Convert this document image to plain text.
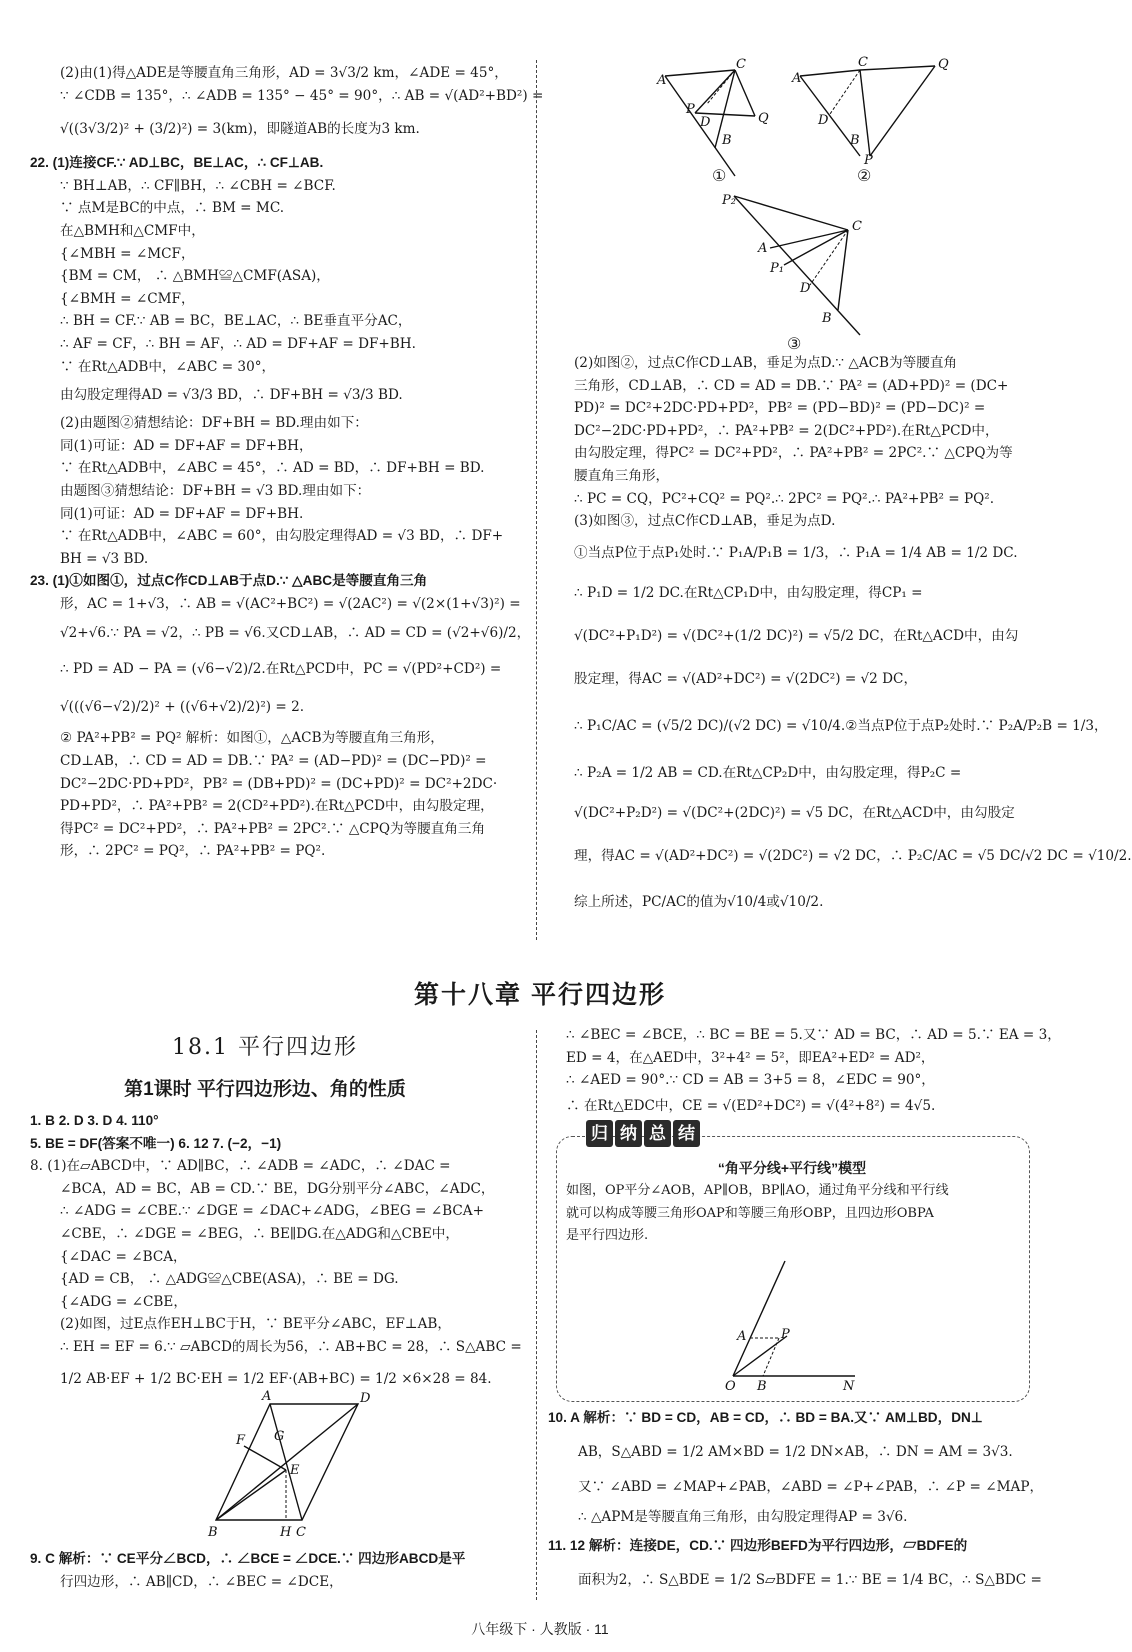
(2)由(1)得△ADE是等腰直角三角形，AD = 3√3/2 km，∠ADE = 45°，
∵ ∠CDB = 135°，∴ ∠ADB = 135° − 45° = 90°，∴ AB = √(AD²+BD²) =
√((3√3/2)² + (3/2)²) = 3(km)，即隧道AB的长度为3 km.
22. (1)连接CF.∵ AD⊥BC，BE⊥AC，∴ CF⊥AB.
∵ BH⊥AB，∴ CF∥BH，∴ ∠CBH = ∠BCF.
∵ 点M是BC的中点，∴ BM = MC.
在△BMH和△CMF中，
{∠MBH = ∠MCF，
{BM = CM， ∴ △BMH≌△CMF(ASA)，
{∠BMH = ∠CMF，
∴ BH = CF.∵ AB = BC，BE⊥AC，∴ BE垂直平分AC，
∴ AF = CF，∴ BH = AF，∴ AD = DF+AF = DF+BH.
∵ 在Rt△ADB中，∠ABC = 30°，
由勾股定理得AD = √3/3 BD，∴ DF+BH = √3/3 BD.
(2)由题图②猜想结论：DF+BH = BD.理由如下：
同(1)可证：AD = DF+AF = DF+BH，
∵ 在Rt△ADB中，∠ABC = 45°，∴ AD = BD，∴ DF+BH = BD.
由题图③猜想结论：DF+BH = √3 BD.理由如下：
同(1)可证：AD = DF+AF = DF+BH.
∵ 在Rt△ADB中，∠ABC = 60°，由勾股定理得AD = √3 BD，∴ DF+
BH = √3 BD.
23. (1)①如图①，过点C作CD⊥AB于点D.∵ △ABC是等腰直角三角
形，AC = 1+√3，∴ AB = √(AC²+BC²) = √(2AC²) = √(2×(1+√3)²) =
√2+√6.∵ PA = √2，∴ PB = √6.又CD⊥AB，∴ AD = CD = (√2+√6)/2，
∴ PD = AD − PA = (√6−√2)/2.在Rt△PCD中，PC = √(PD²+CD²) =
√(((√6−√2)/2)² + ((√6+√2)/2)²) = 2.
② PA²+PB² = PQ² 解析：如图①，△ACB为等腰直角三角形，
CD⊥AB，∴ CD = AD = DB.∵ PA² = (AD−PD)² = (DC−PD)² =
DC²−2DC·PD+PD²，PB² = (DB+PD)² = (DC+PD)² = DC²+2DC·
PD+PD²，∴ PA²+PB² = 2(CD²+PD²).在Rt△PCD中，由勾股定理，
得PC² = DC²+PD²，∴ PA²+PB² = 2PC².∵ △CPQ为等腰直角三角
形，∴ 2PC² = PQ²，∴ PA²+PB² = PQ².
A
C
P
D
B
Q
①
A
C	Q
D
B
P
②
P₂
C
A
P₁
D
B
③
(2)如图②，过点C作CD⊥AB，垂足为点D.∵ △ACB为等腰直角
三角形，CD⊥AB，∴ CD = AD = DB.∵ PA² = (AD+PD)² = (DC+
PD)² = DC²+2DC·PD+PD²，PB² = (PD−BD)² = (PD−DC)² =
DC²−2DC·PD+PD²，∴ PA²+PB² = 2(DC²+PD²).在Rt△PCD中，
由勾股定理，得PC² = DC²+PD²，∴ PA²+PB² = 2PC².∵ △CPQ为等
腰直角三角形，
∴ PC = CQ，PC²+CQ² = PQ².∴ 2PC² = PQ².∴ PA²+PB² = PQ².
(3)如图③，过点C作CD⊥AB，垂足为点D.
①当点P位于点P₁处时.∵ P₁A/P₁B = 1/3，∴ P₁A = 1/4 AB = 1/2 DC.
∴ P₁D = 1/2 DC.在Rt△CP₁D中，由勾股定理，得CP₁ =
√(DC²+P₁D²) = √(DC²+(1/2 DC)²) = √5/2 DC，在Rt△ACD中，由勾
股定理，得AC = √(AD²+DC²) = √(2DC²) = √2 DC，
∴ P₁C/AC = (√5/2 DC)/(√2 DC) = √10/4.②当点P位于点P₂处时.∵ P₂A/P₂B = 1/3，
∴ P₂A = 1/2 AB = CD.在Rt△CP₂D中，由勾股定理，得P₂C =
√(DC²+P₂D²) = √(DC²+(2DC)²) = √5 DC，在Rt△ACD中，由勾股定
理，得AC = √(AD²+DC²) = √(2DC²) = √2 DC，∴ P₂C/AC = √5 DC/√2 DC = √10/2.
综上所述，PC/AC的值为√10/4或√10/2.
第十八章 平行四边形
18.1 平行四边形
第1课时 平行四边形边、角的性质
1. B 2. D 3. D 4. 110°
5. BE = DF(答案不唯一) 6. 12 7. (−2，−1)
8. (1)在▱ABCD中，∵ AD∥BC，∴ ∠ADB = ∠ADC，∴ ∠DAC =
∠BCA，AD = BC，AB = CD.∵ BE，DG分别平分∠ABC，∠ADC，
∴ ∠ADG = ∠CBE.∵ ∠DGE = ∠DAC+∠ADG，∠BEG = ∠BCA+
∠CBE，∴ ∠DGE = ∠BEG，∴ BE∥DG.在△ADG和△CBE中，
{∠DAC = ∠BCA，
{AD = CB， ∴ △ADG≌△CBE(ASA)，∴ BE = DG.
{∠ADG = ∠CBE，
(2)如图，过E点作EH⊥BC于H，∵ BE平分∠ABC，EF⊥AB，
∴ EH = EF = 6.∵ ▱ABCD的周长为56，∴ AB+BC = 28，∴ S△ABC =
1/2 AB·EF + 1/2 BC·EH = 1/2 EF·(AB+BC) = 1/2 ×6×28 = 84.
A	D
F G
E
B	H C
9. C 解析：∵ CE平分∠BCD，∴ ∠BCE = ∠DCE.∵ 四边形ABCD是平
行四边形，∴ AB∥CD，∴ ∠BEC = ∠DCE，
∴ ∠BEC = ∠BCE，∴ BC = BE = 5.又∵ AD = BC，∴ AD = 5.∵ EA = 3，
ED = 4，在△AED中，3²+4² = 5²，即EA²+ED² = AD²，
∴ ∠AED = 90°.∵ CD = AB = 3+5 = 8，∠EDC = 90°，
∴ 在Rt△EDC中，CE = √(ED²+DC²) = √(4²+8²) = 4√5.
归 纳 总 结
“角平分线+平行线”模型
如图，OP平分∠AOB，AP∥OB，BP∥AO，通过角平分线和平行线
就可以构成等腰三角形OAP和等腰三角形OBP，且四边形OBPA
是平行四边形.
A	P
O B	N
10. A 解析：∵ BD = CD，AB = CD，∴ BD = BA.又∵ AM⊥BD，DN⊥
AB，S△ABD = 1/2 AM×BD = 1/2 DN×AB，∴ DN = AM = 3√3.
又∵ ∠ABD = ∠MAP+∠PAB，∠ABD = ∠P+∠PAB，∴ ∠P = ∠MAP，
∴ △APM是等腰直角三角形，由勾股定理得AP = 3√6.
11. 12 解析：连接DE，CD.∵ 四边形BEFD为平行四边形，▱BDFE的
面积为2，∴ S△BDE = 1/2 S▱BDFE = 1.∵ BE = 1/4 BC，∴ S△BDC =
八年级下 · 人教版 · 11
